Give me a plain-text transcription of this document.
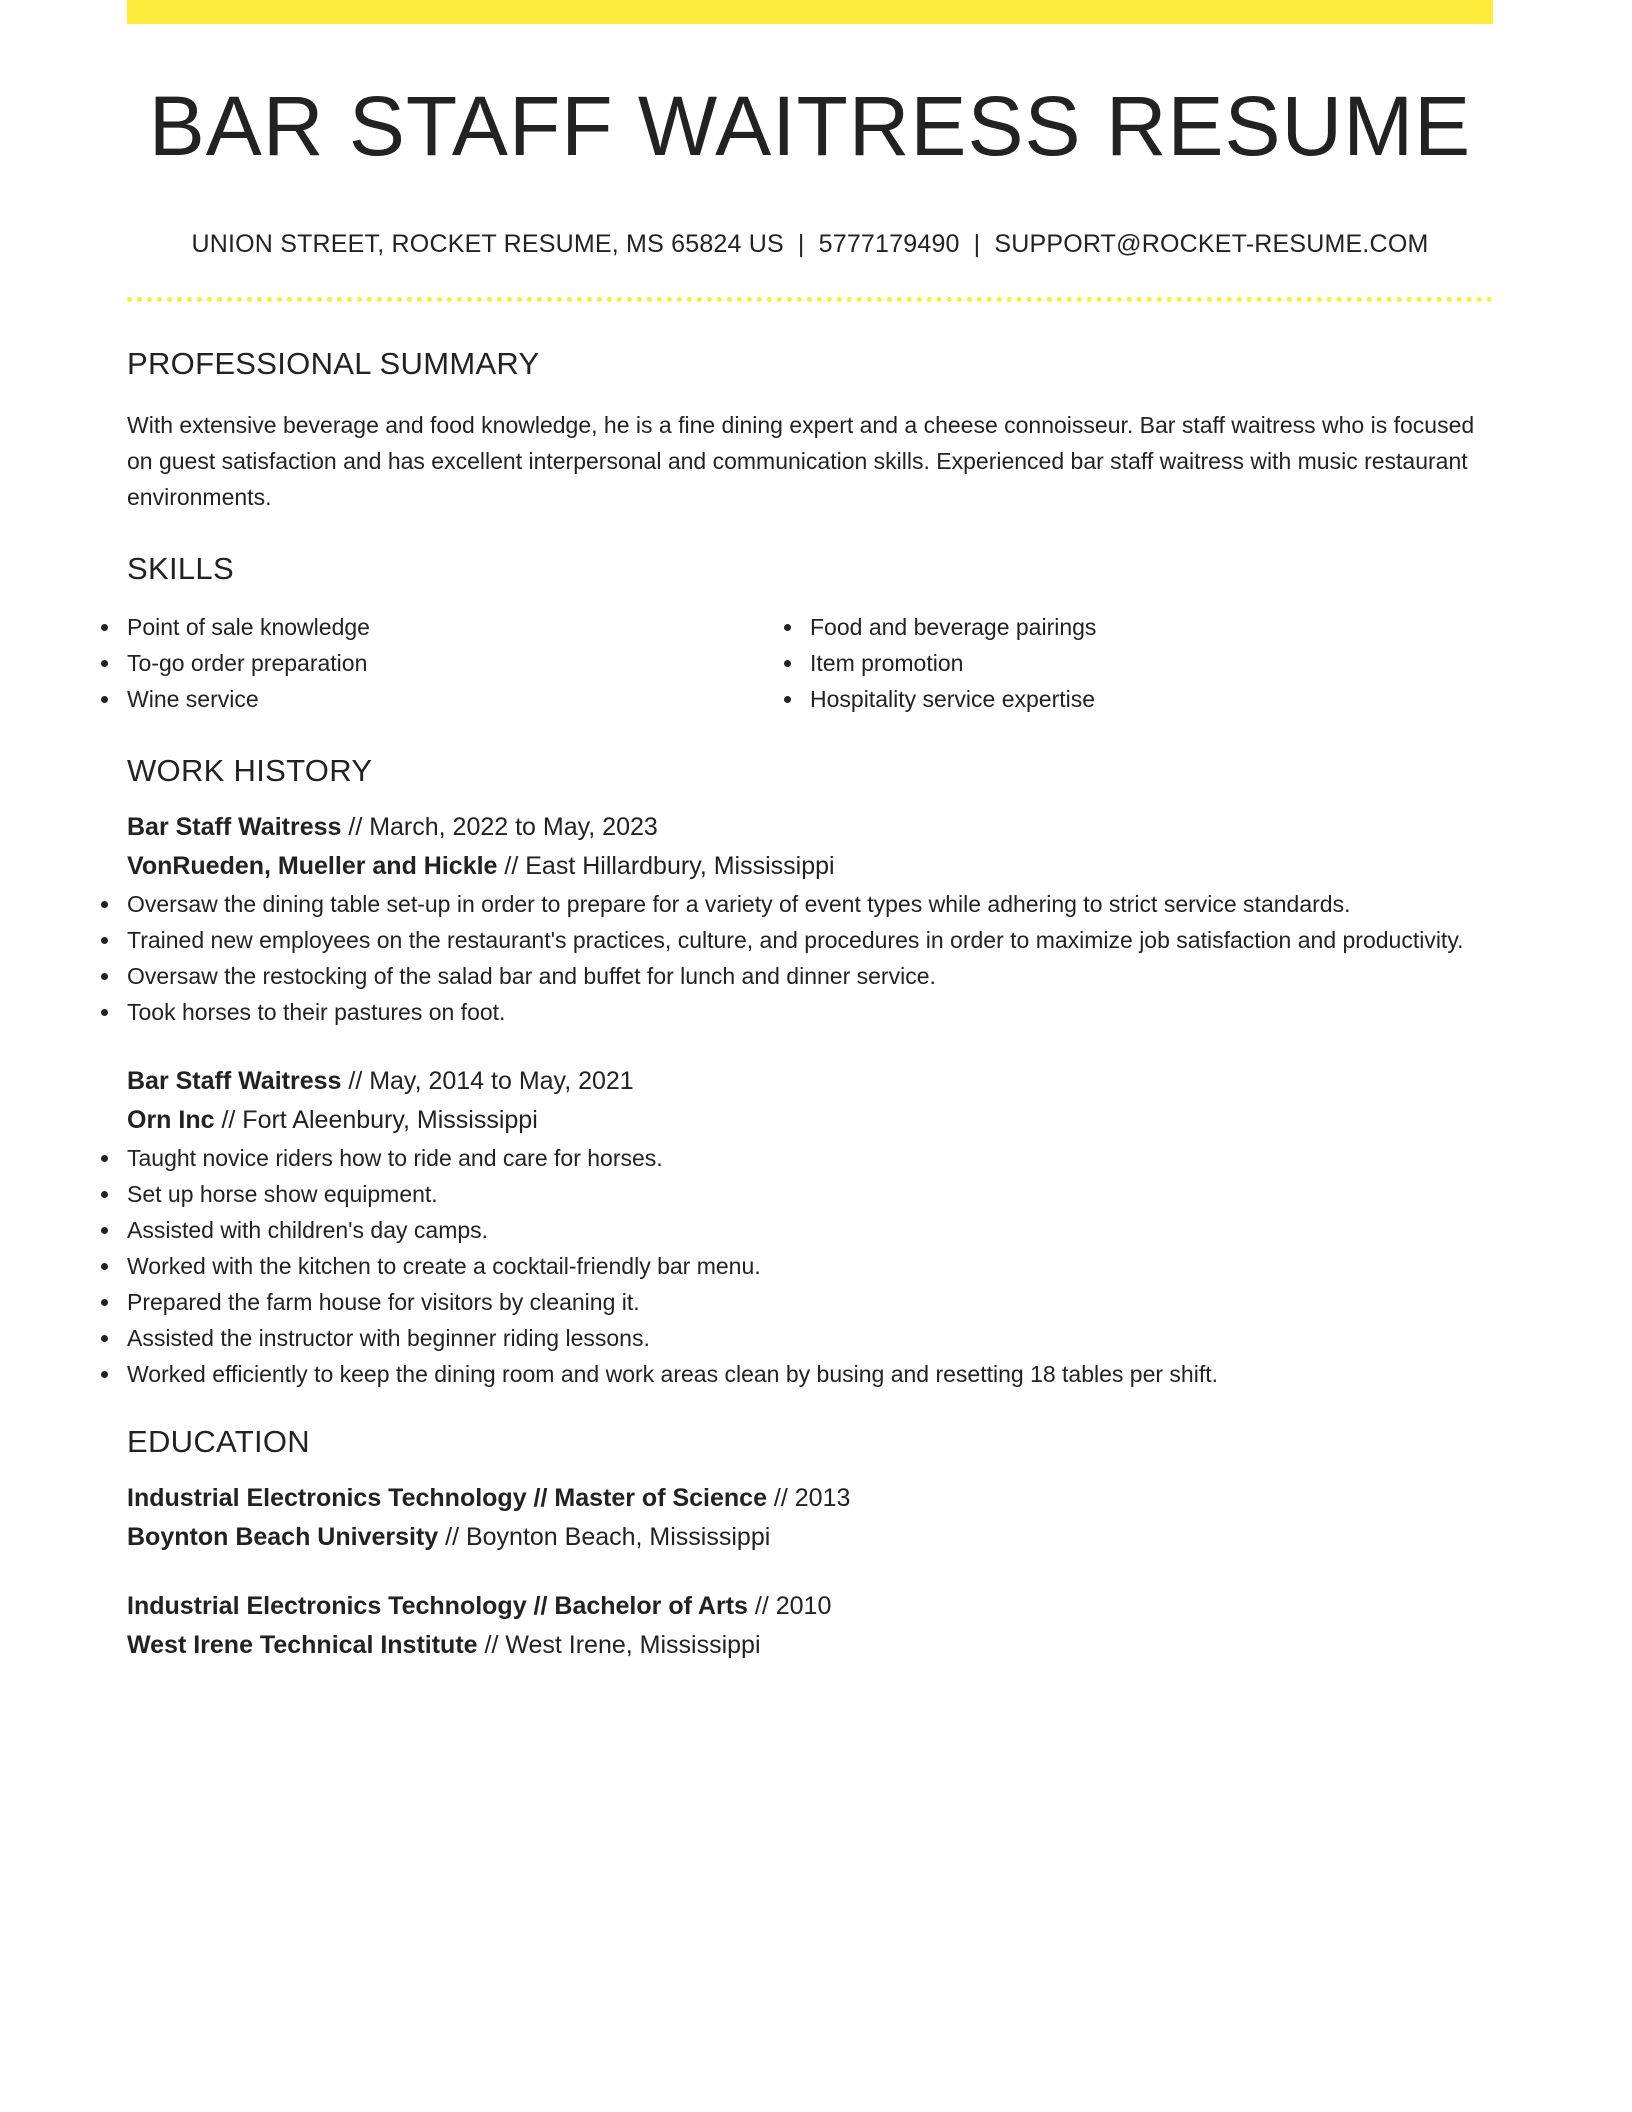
BAR STAFF WAITRESS RESUME
UNION STREET, ROCKET RESUME, MS 65824 US | 5777179490 | SUPPORT@ROCKET-RESUME.COM
PROFESSIONAL SUMMARY
With extensive beverage and food knowledge, he is a fine dining expert and a cheese connoisseur. Bar staff waitress who is focused on guest satisfaction and has excellent interpersonal and communication skills. Experienced bar staff waitress with music restaurant environments.
SKILLS
Point of sale knowledge
To-go order preparation
Wine service
Food and beverage pairings
Item promotion
Hospitality service expertise
WORK HISTORY
Bar Staff Waitress // March, 2022 to May, 2023
VonRueden, Mueller and Hickle // East Hillardbury, Mississippi
Oversaw the dining table set-up in order to prepare for a variety of event types while adhering to strict service standards.
Trained new employees on the restaurant's practices, culture, and procedures in order to maximize job satisfaction and productivity.
Oversaw the restocking of the salad bar and buffet for lunch and dinner service.
Took horses to their pastures on foot.
Bar Staff Waitress // May, 2014 to May, 2021
Orn Inc // Fort Aleenbury, Mississippi
Taught novice riders how to ride and care for horses.
Set up horse show equipment.
Assisted with children's day camps.
Worked with the kitchen to create a cocktail-friendly bar menu.
Prepared the farm house for visitors by cleaning it.
Assisted the instructor with beginner riding lessons.
Worked efficiently to keep the dining room and work areas clean by busing and resetting 18 tables per shift.
EDUCATION
Industrial Electronics Technology // Master of Science // 2013
Boynton Beach University // Boynton Beach, Mississippi
Industrial Electronics Technology // Bachelor of Arts // 2010
West Irene Technical Institute // West Irene, Mississippi
